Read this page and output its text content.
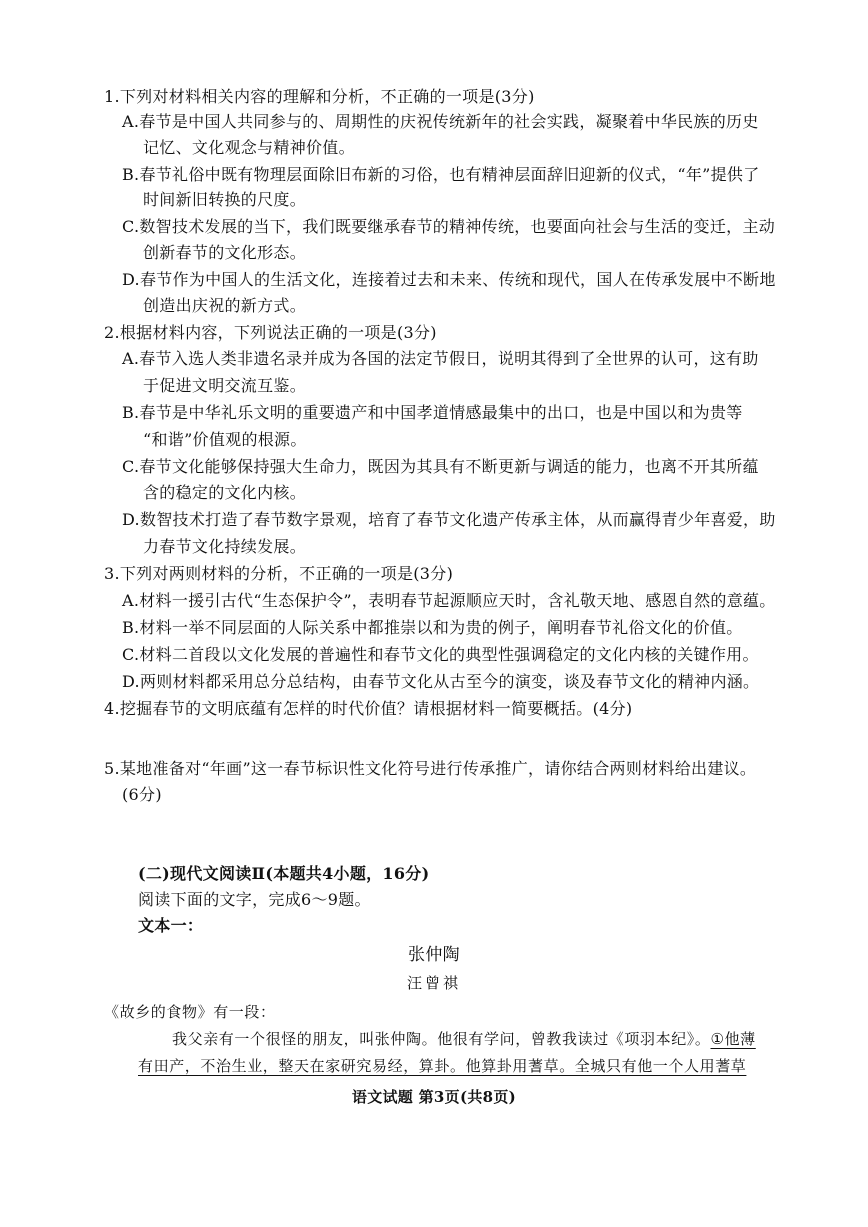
1.下列对材料相关内容的理解和分析，不正确的一项是(3分)
A.春节是中国人共同参与的、周期性的庆祝传统新年的社会实践，凝聚着中华民族的历史
记忆、文化观念与精神价值。
B.春节礼俗中既有物理层面除旧布新的习俗，也有精神层面辞旧迎新的仪式，“年”提供了
时间新旧转换的尺度。
C.数智技术发展的当下，我们既要继承春节的精神传统，也要面向社会与生活的变迁，主动
创新春节的文化形态。
D.春节作为中国人的生活文化，连接着过去和未来、传统和现代，国人在传承发展中不断地
创造出庆祝的新方式。
2.根据材料内容，下列说法正确的一项是(3分)
A.春节入选人类非遗名录并成为各国的法定节假日，说明其得到了全世界的认可，这有助
于促进文明交流互鉴。
B.春节是中华礼乐文明的重要遗产和中国孝道情感最集中的出口，也是中国以和为贵等
“和谐”价值观的根源。
C.春节文化能够保持强大生命力，既因为其具有不断更新与调适的能力，也离不开其所蕴
含的稳定的文化内核。
D.数智技术打造了春节数字景观，培育了春节文化遗产传承主体，从而赢得青少年喜爱，助
力春节文化持续发展。
3.下列对两则材料的分析，不正确的一项是(3分)
A.材料一援引古代“生态保护令”，表明春节起源顺应天时，含礼敬天地、感恩自然的意蕴。
B.材料一举不同层面的人际关系中都推崇以和为贵的例子，阐明春节礼俗文化的价值。
C.材料二首段以文化发展的普遍性和春节文化的典型性强调稳定的文化内核的关键作用。
D.两则材料都采用总分总结构，由春节文化从古至今的演变，谈及春节文化的精神内涵。
4.挖掘春节的文明底蕴有怎样的时代价值？请根据材料一简要概括。(4分)
5.某地准备对“年画”这一春节标识性文化符号进行传承推广，请你结合两则材料给出建议。
(6分)
(二)现代文阅读Ⅱ(本题共4小题，16分)
阅读下面的文字，完成6～9题。
文本一：
张仲陶
汪曾祺
《故乡的食物》有一段：
我父亲有一个很怪的朋友，叫张仲陶。他很有学问，曾教我读过《项羽本纪》。①他薄
有田产，不治生业，整天在家研究易经，算卦。他算卦用蓍草。全城只有他一个人用蓍草
语文试题 第3页(共8页)
